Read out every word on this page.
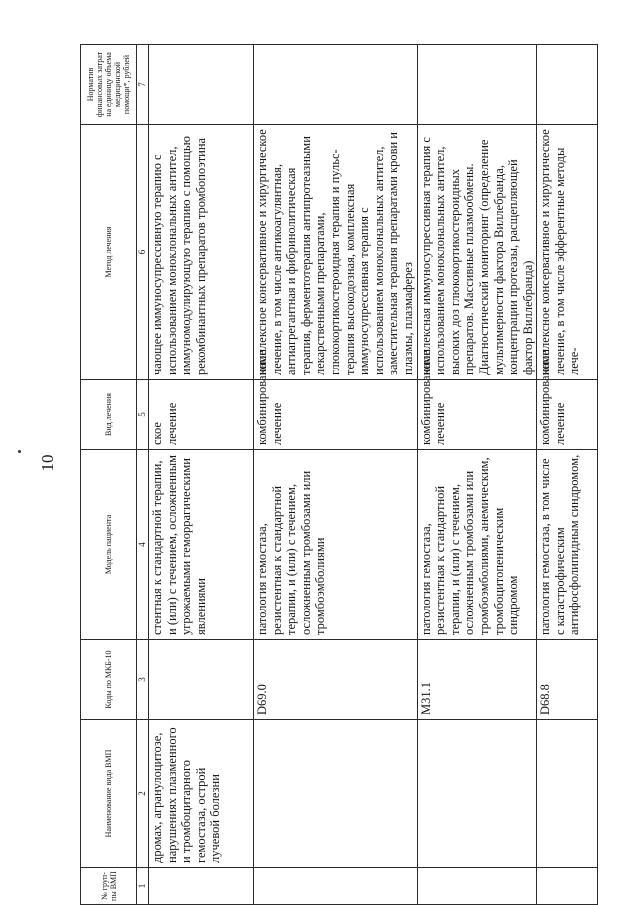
10
№ груп-пы ВМП	Наименование вида ВМП	Коды по МКБ-10	Модель пациента	Вид лечения	Метод лечения	Норматив финансовых затрат на единицу объема медицинской помощи*, рублей
1	2	3	4	5	6	7
	дромах, агранулоцитозе, нарушениях плазменного и тромбоцитарного гемостаза, острой лучевой болезни		стентная к стандартной терапии, и (или) с течением, осложненным угрожаемыми геморрагическими явлениями	ское лечение	чающее иммуносупрессивную терапию с использованием моноклональных антител, иммуномодулирующую терапию с помощью рекомбинантных препаратов тромбопоэтина	
		D69.0	патология гемостаза, резистентная к стандартной терапии, и (или) с течением, осложненным тромбозами или тромбоэмболиями	комбинированное лечение	комплексное консервативное и хирургическое лечение, в том числе антикоагулянтная, антиагрегантная и фибринолитическая терапия, ферментотерапия антипротеазными лекарственными препаратами, глюкокортикостероидная терапия и пульс-терапия высокодозная, комплексная иммуносупрессивная терапия с использованием моноклональных антител, заместительная терапия препаратами крови и плазмы, плазмаферез	
		M31.1	патология гемостаза, резистентная к стандартной терапии, и (или) с течением, осложненным тромбозами или тромбоэмболиями, анемическим, тромбоцитопеническим синдромом	комбинированное лечение	комплексная иммуносупрессивная терапия с использованием моноклональных антител, высоких доз глюкокортикостероидных препаратов. Массивные плазмообмены. Диагностический мониторинг (определение мультимерности фактора Виллебранда, концентрации протеазы, расщепляющей фактор Виллебранда)	
		D68.8	патология гемостаза, в том числе с катастрофическим антифосфолипидным синдромом,	комбинированное лечение	комплексное консервативное и хирургическое лечение, в том числе эфферентные методы лече-	
